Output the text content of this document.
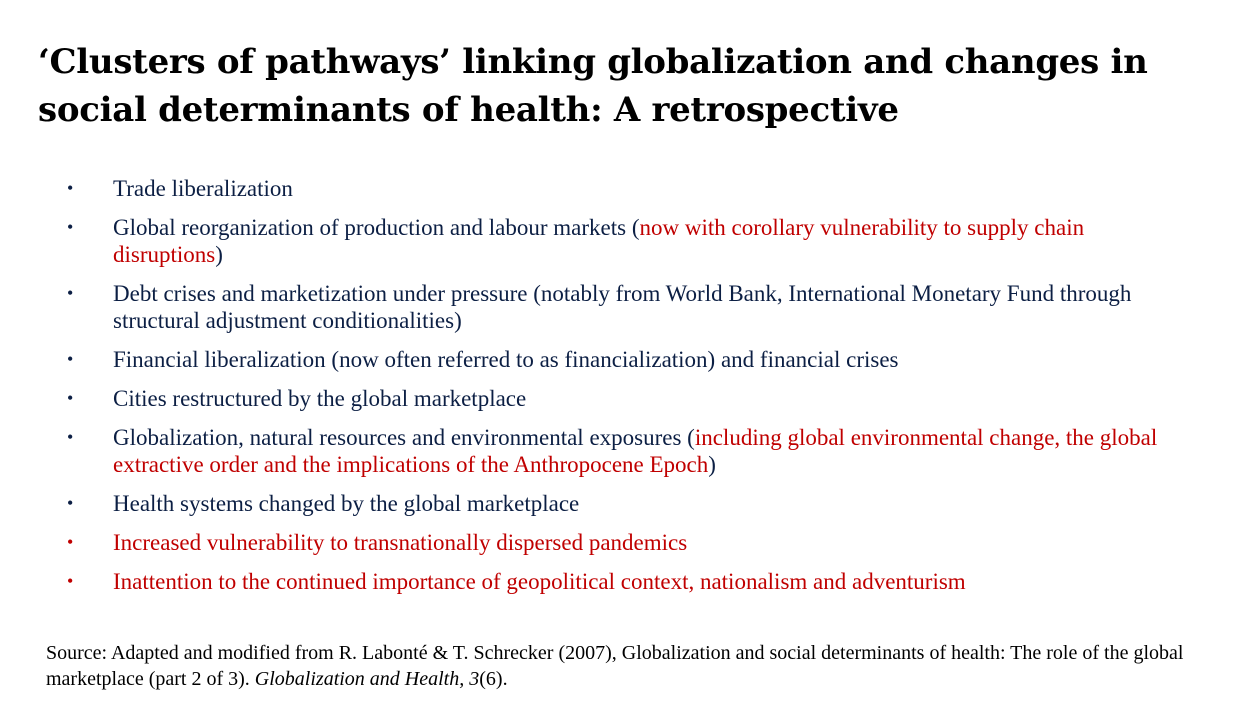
‘Clusters of pathways’ linking globalization and changes in social determinants of health: A retrospective
• Trade liberalization
• Global reorganization of production and labour markets (now with corollary vulnerability to supply chain disruptions)
• Debt crises and marketization under pressure (notably from World Bank, International Monetary Fund through structural adjustment conditionalities)
• Financial liberalization (now often referred to as financialization) and financial crises
• Cities restructured by the global marketplace
• Globalization, natural resources and environmental exposures (including global environmental change, the global extractive order and the implications of the Anthropocene Epoch)
• Health systems changed by the global marketplace
• Increased vulnerability to transnationally dispersed pandemics
• Inattention to the continued importance of geopolitical context, nationalism and adventurism

Source: Adapted and modified from R. Labonté & T. Schrecker (2007), Globalization and social determinants of health: The role of the global marketplace (part 2 of 3). Globalization and Health, 3(6).
